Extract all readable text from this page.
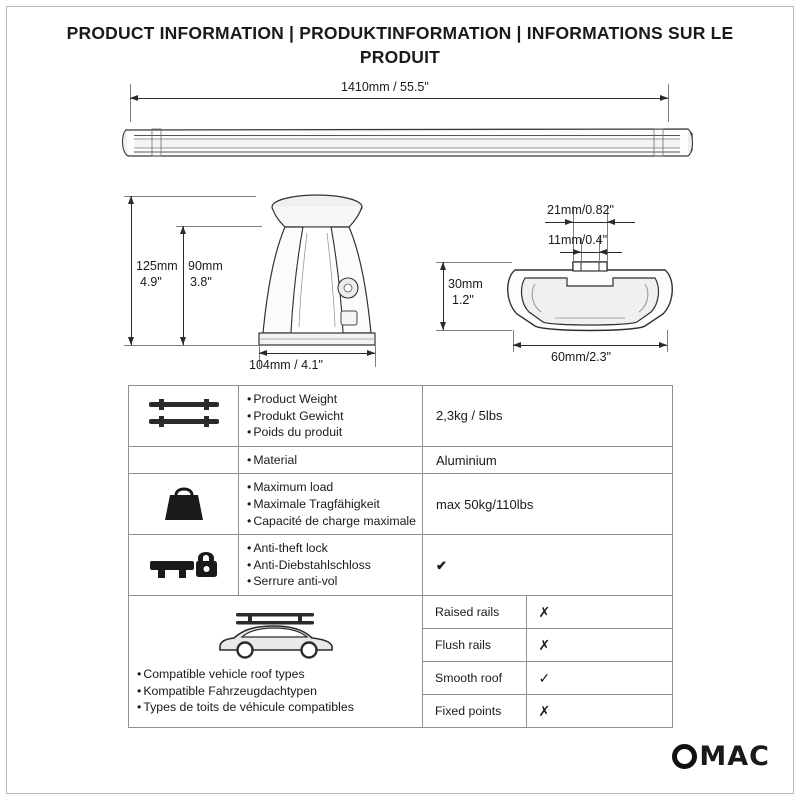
PRODUCT INFORMATION | PRODUKTINFORMATION | INFORMATIONS SUR LE PRODUIT
1410mm / 55.5"
125mm
4.9"
90mm
3.8"
104mm / 4.1"
21mm/0.82"
11mm/0.4"
30mm
1.2"
60mm/2.3"

• Product Weight
• Produkt Gewicht
• Poids du produit
	2,3kg / 5lbs

• Material	Aluminium

• Maximum load
• Maximale Tragfähigkeit
• Capacité de charge maximale
	max 50kg/110lbs

• Anti-theft lock
• Anti-Diebstahlschloss
• Serrure anti-vol
	✔

• Compatible vehicle roof types
• Kompatible Fahrzeugdachtypen
• Types de toits de véhicule compatibles

Raised rails	✗
Flush rails	✗
Smooth roof	✓
Fixed points	✗
MAC
